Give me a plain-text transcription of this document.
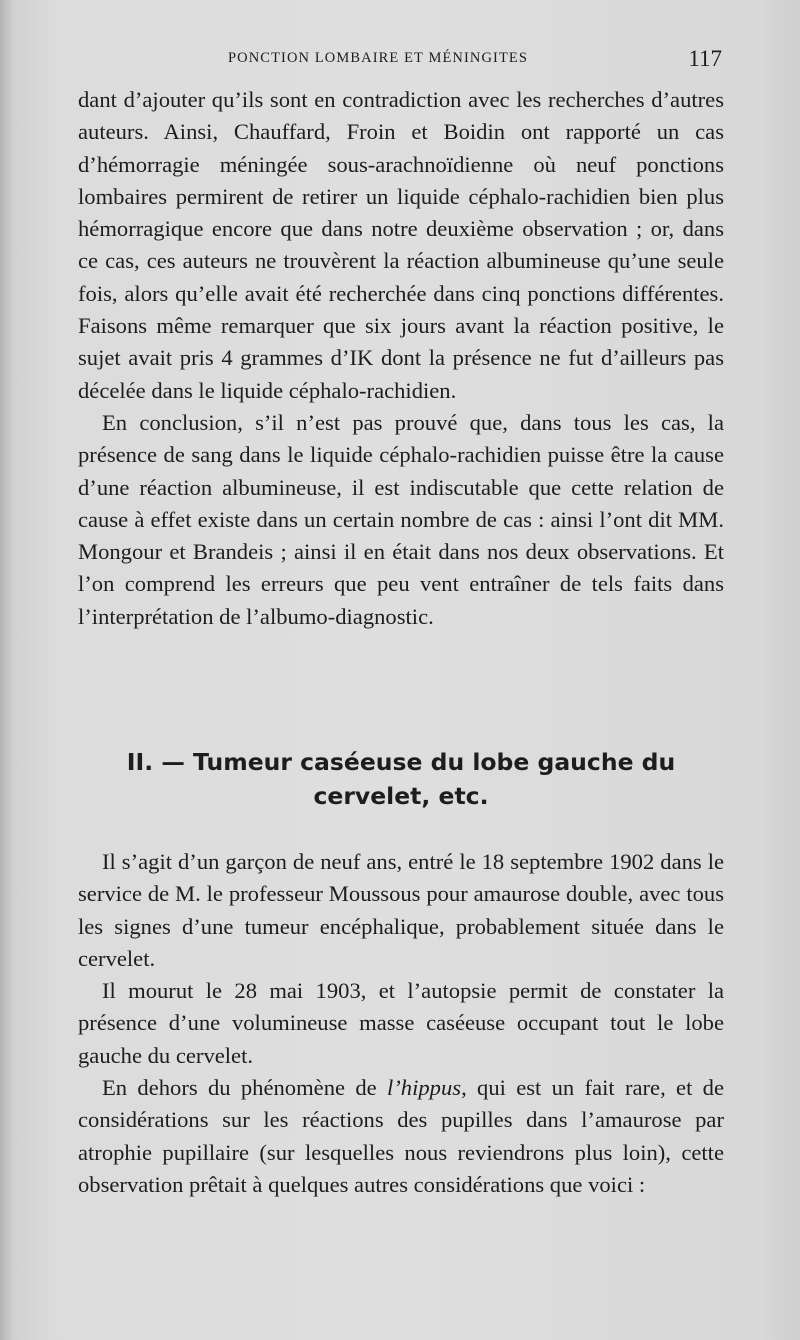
PONCTION LOMBAIRE ET MÉNINGITES	117

dant d’ajouter qu’ils sont en contradiction avec les recherches d’autres auteurs. Ainsi, Chauffard, Froin et Boidin ont rapporté un cas d’hémorragie méningée sous-arachnoïdienne où neuf ponctions lombaires permirent de retirer un liquide céphalo-rachidien bien plus hémorragique encore que dans notre deuxième observation ; or, dans ce cas, ces auteurs ne trouvèrent la réaction albumineuse qu’une seule fois, alors qu’elle avait été recherchée dans cinq ponctions différentes. Faisons même remarquer que six jours avant la réaction positive, le sujet avait pris 4 grammes d’IK dont la présence ne fut d’ailleurs pas décelée dans le liquide céphalo-rachidien.

En conclusion, s’il n’est pas prouvé que, dans tous les cas, la présence de sang dans le liquide céphalo-rachidien puisse être la cause d’une réaction albumineuse, il est indiscutable que cette relation de cause à effet existe dans un certain nombre de cas : ainsi l’ont dit MM. Mongour et Brandeis ; ainsi il en était dans nos deux observations. Et l’on comprend les erreurs que peu vent entraîner de tels faits dans l’interprétation de l’albumo-diagnostic.

II. — Tumeur caséeuse du lobe gauche du
cervelet, etc.

Il s’agit d’un garçon de neuf ans, entré le 18 septembre 1902 dans le service de M. le professeur Moussous pour amaurose double, avec tous les signes d’une tumeur encéphalique, probablement située dans le cervelet.

Il mourut le 28 mai 1903, et l’autopsie permit de constater la présence d’une volumineuse masse caséeuse occupant tout le lobe gauche du cervelet.

En dehors du phénomène de l’hippus, qui est un fait rare, et de considérations sur les réactions des pupilles dans l’amaurose par atrophie pupillaire (sur lesquelles nous reviendrons plus loin), cette observation prêtait à quelques autres considérations que voici :
